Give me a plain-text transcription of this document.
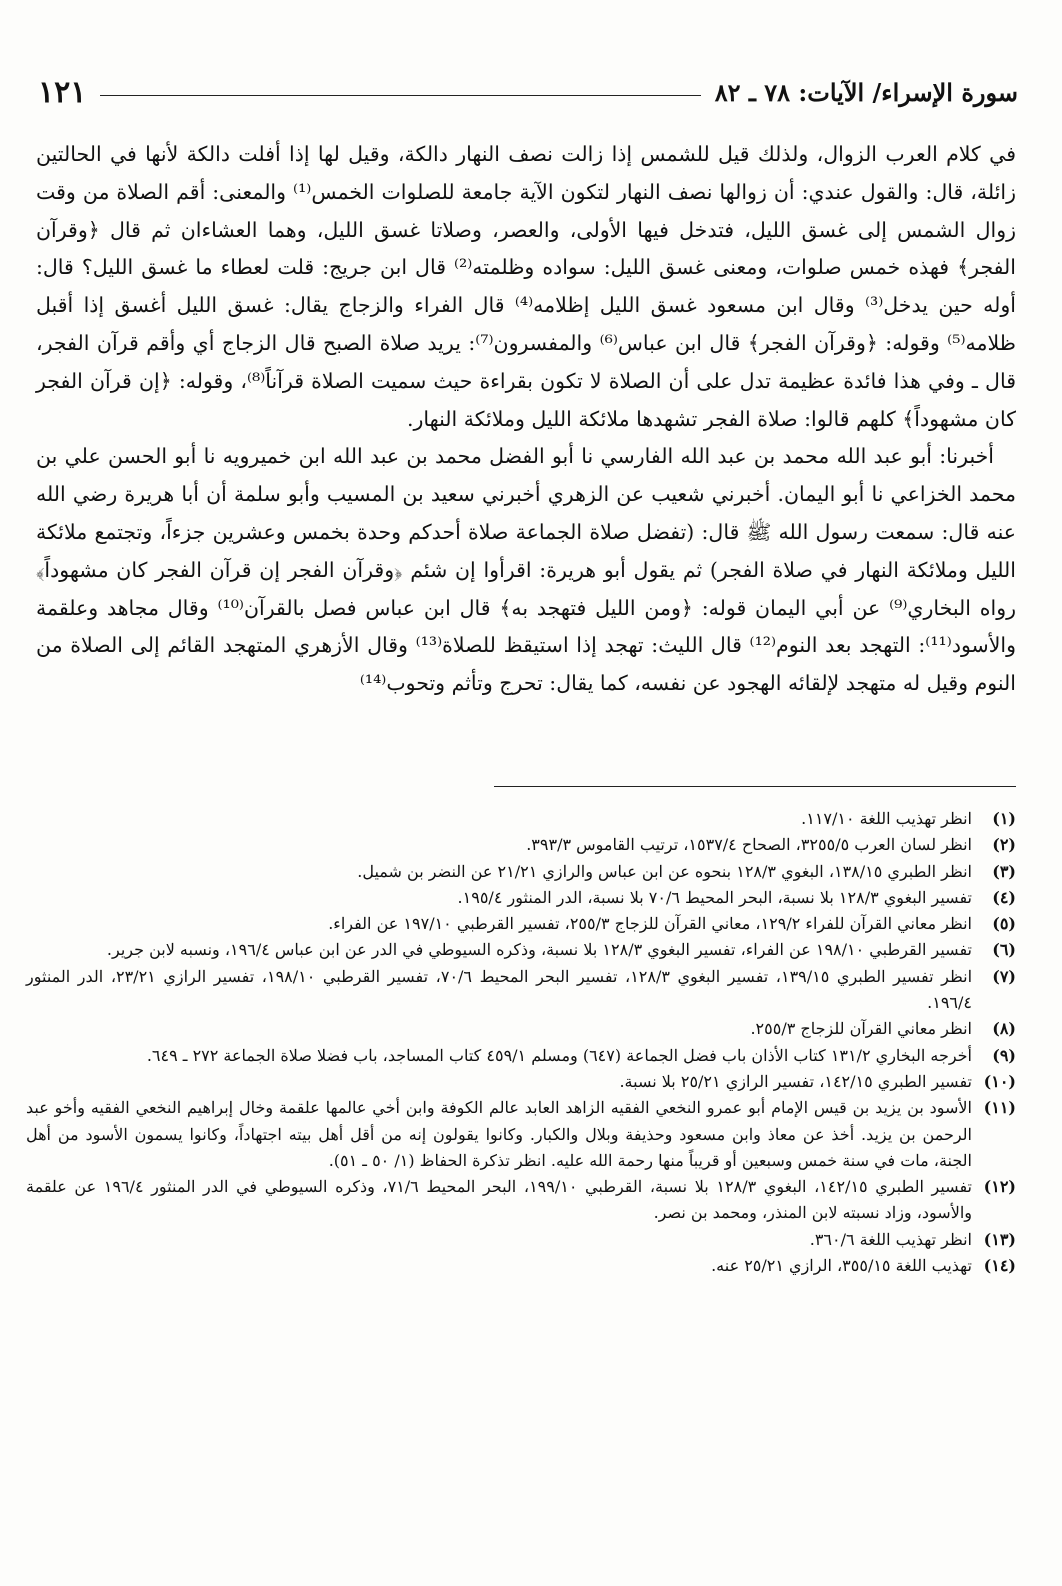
سورة الإسراء/ الآيات: ٧٨ ـ ٨٢
١٢١

في كلام العرب الزوال، ولذلك قيل للشمس إذا زالت نصف النهار دالكة، وقيل لها إذا أفلت دالكة لأنها في الحالتين زائلة، قال: والقول عندي: أن زوالها نصف النهار لتكون الآية جامعة للصلوات الخمس⁽¹⁾ والمعنى: أقم الصلاة من وقت زوال الشمس إلى غسق الليل، فتدخل فيها الأولى، والعصر، وصلاتا غسق الليل، وهما العشاءان ثم قال ﴿وقرآن الفجر﴾ فهذه خمس صلوات، ومعنى غسق الليل: سواده وظلمته⁽²⁾ قال ابن جريج: قلت لعطاء ما غسق الليل؟ قال: أوله حين يدخل⁽³⁾ وقال ابن مسعود غسق الليل إظلامه⁽⁴⁾ قال الفراء والزجاج يقال: غسق الليل أغسق إذا أقبل ظلامه⁽⁵⁾ وقوله: ﴿وقرآن الفجر﴾ قال ابن عباس⁽⁶⁾ والمفسرون⁽⁷⁾: يريد صلاة الصبح قال الزجاج أي وأقم قرآن الفجر، قال ـ وفي هذا فائدة عظيمة تدل على أن الصلاة لا تكون بقراءة حيث سميت الصلاة قرآناً⁽⁸⁾، وقوله: ﴿إن قرآن الفجر كان مشهوداً﴾ كلهم قالوا: صلاة الفجر تشهدها ملائكة الليل وملائكة النهار.

أخبرنا: أبو عبد الله محمد بن عبد الله الفارسي نا أبو الفضل محمد بن عبد الله ابن خميرويه نا أبو الحسن علي بن محمد الخزاعي نا أبو اليمان. أخبرني شعيب عن الزهري أخبرني سعيد بن المسيب وأبو سلمة أن أبا هريرة رضي الله عنه قال: سمعت رسول الله ﷺ قال: (تفضل صلاة الجماعة صلاة أحدكم وحدة بخمس وعشرين جزءاً، وتجتمع ملائكة الليل وملائكة النهار في صلاة الفجر) ثم يقول أبو هريرة: اقرأوا إن شئم ﴿وقرآن الفجر إن قرآن الفجر كان مشهوداً﴾ رواه البخاري⁽⁹⁾ عن أبي اليمان قوله: ﴿ومن الليل فتهجد به﴾ قال ابن عباس فصل بالقرآن⁽¹⁰⁾ وقال مجاهد وعلقمة والأسود⁽¹¹⁾: التهجد بعد النوم⁽¹²⁾ قال الليث: تهجد إذا استيقظ للصلاة⁽¹³⁾ وقال الأزهري المتهجد القائم إلى الصلاة من النوم وقيل له متهجد لإلقائه الهجود عن نفسه، كما يقال: تحرج وتأثم وتحوب⁽¹⁴⁾

(١)
انظر تهذيب اللغة ١١٧/١٠.
(٢)
انظر لسان العرب ٣٢٥٥/٥، الصحاح ١٥٣٧/٤، ترتيب القاموس ٣٩٣/٣.
(٣)
انظر الطبري ١٣٨/١٥، البغوي ١٢٨/٣ بنحوه عن ابن عباس والرازي ٢١/٢١ عن النضر بن شميل.
(٤)
تفسير البغوي ١٢٨/٣ بلا نسبة، البحر المحيط ٧٠/٦ بلا نسبة، الدر المنثور ١٩٥/٤.
(٥)
انظر معاني القرآن للفراء ١٢٩/٢، معاني القرآن للزجاج ٢٥٥/٣، تفسير القرطبي ١٩٧/١٠ عن الفراء.
(٦)
تفسير القرطبي ١٩٨/١٠ عن الفراء، تفسير البغوي ١٢٨/٣ بلا نسبة، وذكره السيوطي في الدر عن ابن عباس ١٩٦/٤، ونسبه لابن جرير.
(٧)
انظر تفسير الطبري ١٣٩/١٥، تفسير البغوي ١٢٨/٣، تفسير البحر المحيط ٧٠/٦، تفسير القرطبي ١٩٨/١٠، تفسير الرازي ٢٣/٢١، الدر المنثور ١٩٦/٤.
(٨)
انظر معاني القرآن للزجاج ٢٥٥/٣.
(٩)
أخرجه البخاري ١٣١/٢ كتاب الأذان باب فضل الجماعة (٦٤٧) ومسلم ٤٥٩/١ كتاب المساجد، باب فضلا صلاة الجماعة ٢٧٢ ـ ٦٤٩.
(١٠)
تفسير الطبري ١٤٢/١٥، تفسير الرازي ٢٥/٢١ بلا نسبة.
(١١)
الأسود بن يزيد بن قيس الإمام أبو عمرو النخعي الفقيه الزاهد العابد عالم الكوفة وابن أخي عالمها علقمة وخال إبراهيم النخعي الفقيه وأخو عبد الرحمن بن يزيد. أخذ عن معاذ وابن مسعود وحذيفة وبلال والكبار. وكانوا يقولون إنه من أقل أهل بيته اجتهاداً، وكانوا يسمون الأسود من أهل الجنة، مات في سنة خمس وسبعين أو قريباً منها رحمة الله عليه. انظر تذكرة الحفاظ (١/ ٥٠ ـ ٥١).
(١٢)
تفسير الطبري ١٤٢/١٥، البغوي ١٢٨/٣ بلا نسبة، القرطبي ١٩٩/١٠، البحر المحيط ٧١/٦، وذكره السيوطي في الدر المنثور ١٩٦/٤ عن علقمة والأسود، وزاد نسبته لابن المنذر، ومحمد بن نصر.
(١٣)
انظر تهذيب اللغة ٣٦٠/٦.
(١٤)
تهذيب اللغة ٣٥٥/١٥، الرازي ٢٥/٢١ عنه.
